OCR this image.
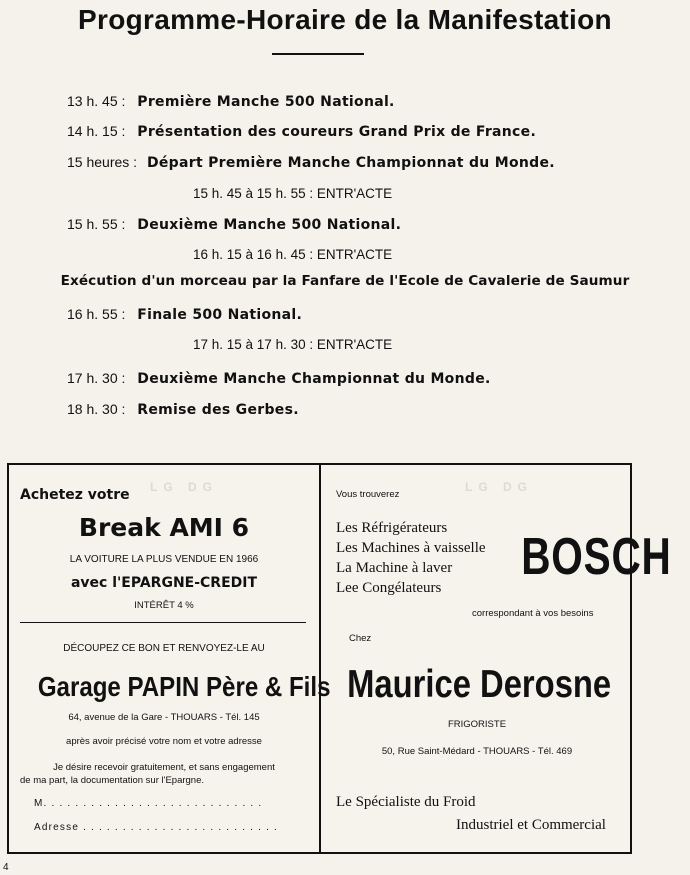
Programme-Horaire de la Manifestation
13 h. 45 : Première Manche 500 National.
14 h. 15 : Présentation des coureurs Grand Prix de France.
15 heures : Départ Première Manche Championnat du Monde.
15 h. 45 à 15 h. 55 : ENTR'ACTE
15 h. 55 : Deuxième Manche 500 National.
16 h. 15 à 16 h. 45 : ENTR'ACTE
Exécution d'un morceau par la Fanfare de l'Ecole de Cavalerie de Saumur
16 h. 55 : Finale 500 National.
17 h. 15 à 17 h. 30 : ENTR'ACTE
17 h. 30 : Deuxième Manche Championnat du Monde.
18 h. 30 : Remise des Gerbes.
LG DG
Achetez votre
Break AMI 6
LA VOITURE LA PLUS VENDUE EN 1966
avec l'EPARGNE-CREDIT
INTÉRÊT 4 %
DÉCOUPEZ CE BON ET RENVOYEZ-LE AU
Garage PAPIN Père & Fils
64, avenue de la Gare - THOUARS - Tél. 145
après avoir précisé votre nom et votre adresse
Je désire recevoir gratuitement, et sans engagement
de ma part, la documentation sur l'Epargne.
M. . . . . . . . . . . . . . . . . . . . . . . . . . . .
Adresse . . . . . . . . . . . . . . . . . . . . . . . . .
LG DG
Vous trouverez
Les Réfrigérateurs
Les Machines à vaisselle
La Machine à laver
Lee Congélateurs
BOSCH
correspondant à vos besoins
Chez
Maurice Derosne
FRIGORISTE
50, Rue Saint-Médard - THOUARS - Tél. 469
Le Spécialiste du Froid
Industriel et Commercial
4
